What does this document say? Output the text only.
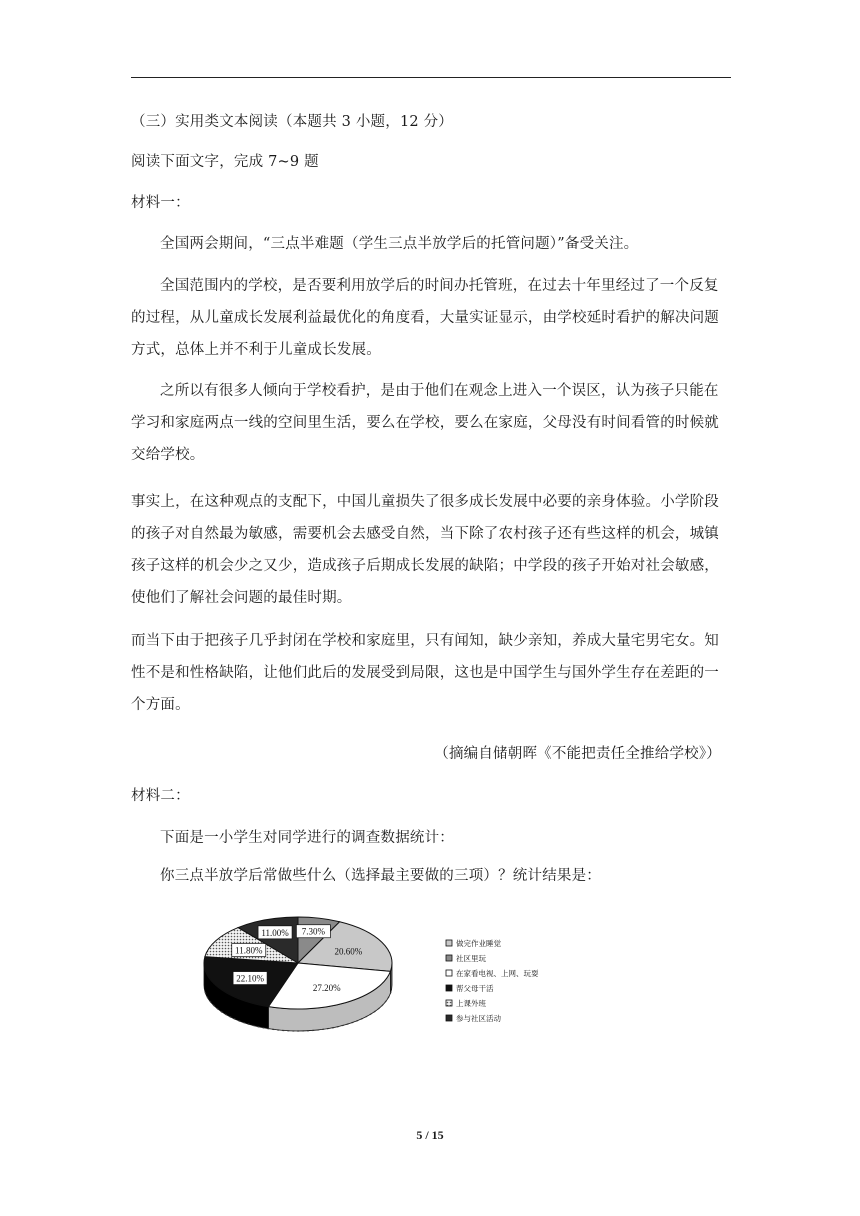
（三）实用类文本阅读（本题共 3 小题，12 分）

阅读下面文字，完成 7~9 题

材料一：

全国两会期间，“三点半难题（学生三点半放学后的托管问题）”备受关注。

全国范围内的学校，是否要利用放学后的时间办托管班，在过去十年里经过了一个反复的过程，从儿童成长发展利益最优化的角度看，大量实证显示，由学校延时看护的解决问题方式，总体上并不利于儿童成长发展。

之所以有很多人倾向于学校看护，是由于他们在观念上进入一个误区，认为孩子只能在学习和家庭两点一线的空间里生活，要么在学校，要么在家庭，父母没有时间看管的时候就交给学校。

事实上，在这种观点的支配下，中国儿童损失了很多成长发展中必要的亲身体验。小学阶段的孩子对自然最为敏感，需要机会去感受自然，当下除了农村孩子还有些这样的机会，城镇孩子这样的机会少之又少，造成孩子后期成长发展的缺陷；中学段的孩子开始对社会敏感，使他们了解社会问题的最佳时期。

而当下由于把孩子几乎封闭在学校和家庭里，只有闻知，缺少亲知，养成大量宅男宅女。知性不是和性格缺陷，让他们此后的发展受到局限，这也是中国学生与国外学生存在差距的一个方面。

（摘编自储朝晖《不能把责任全推给学校》）

材料二：

下面是一小学生对同学进行的调查数据统计：

你三点半放学后常做些什么（选择最主要做的三项）？统计结果是：

7.30%
20.60%
27.20%
22.10%
11.80%
11.00%
做完作业睡觉
社区里玩
在家看电视、上网、玩耍
帮父母干活
上课外班
参与社区活动
5 / 15
